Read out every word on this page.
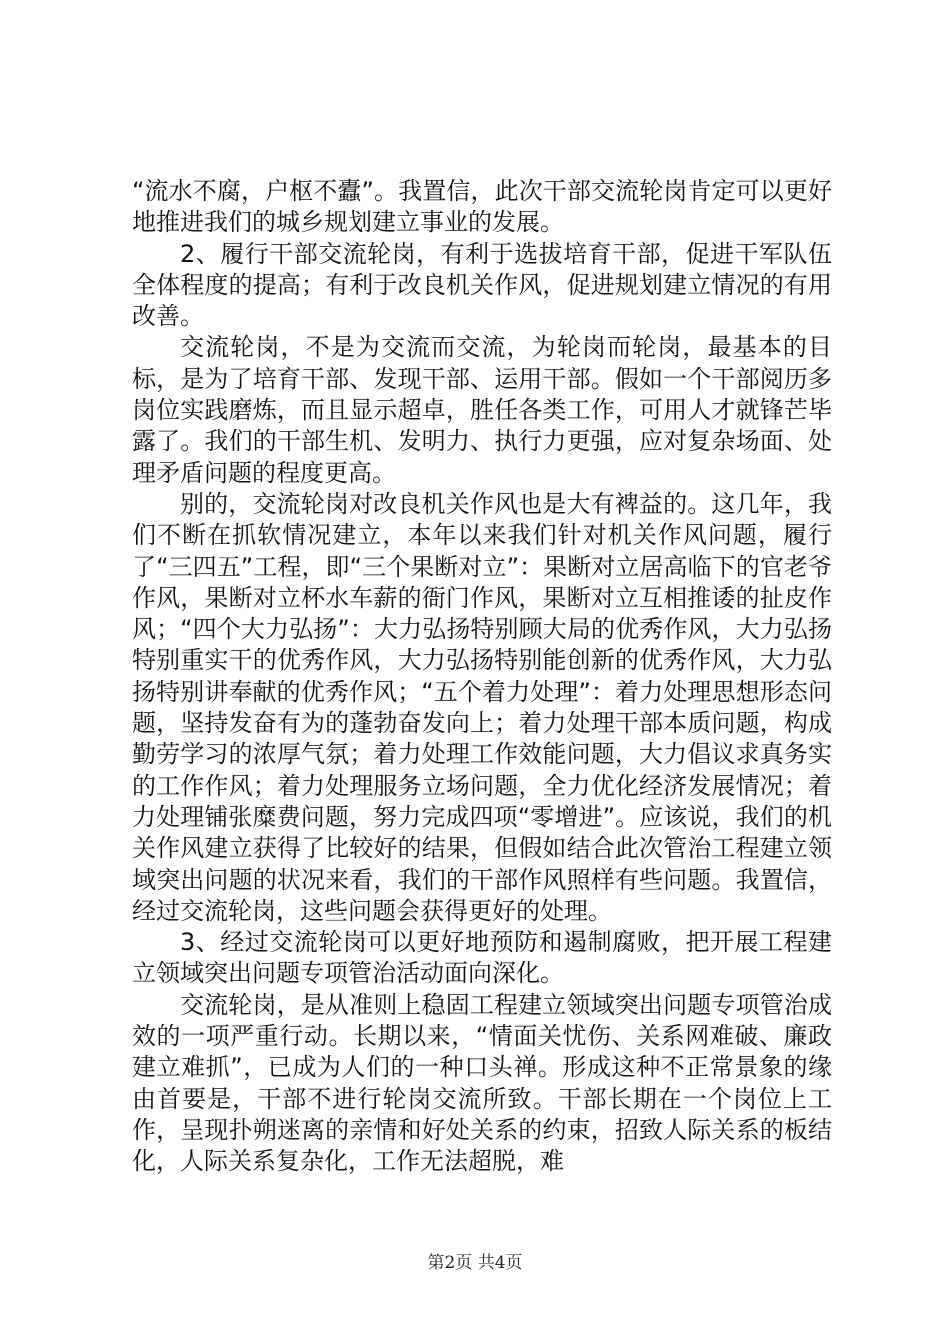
“流水不腐，户枢不蠹”。我置信，此次干部交流轮岗肯定可以更好地推进我们的城乡规划建立事业的发展。

2、履行干部交流轮岗，有利于选拔培育干部，促进干军队伍全体程度的提高；有利于改良机关作风，促进规划建立情况的有用改善。

交流轮岗，不是为交流而交流，为轮岗而轮岗，最基本的目标，是为了培育干部、发现干部、运用干部。假如一个干部阅历多岗位实践磨炼，而且显示超卓，胜任各类工作，可用人才就锋芒毕露了。我们的干部生机、发明力、执行力更强，应对复杂场面、处理矛盾问题的程度更高。

别的，交流轮岗对改良机关作风也是大有裨益的。这几年，我们不断在抓软情况建立，本年以来我们针对机关作风问题，履行了“三四五”工程，即“三个果断对立”：果断对立居高临下的官老爷作风，果断对立杯水车薪的衙门作风，果断对立互相推诿的扯皮作风；“四个大力弘扬”：大力弘扬特别顾大局的优秀作风，大力弘扬特别重实干的优秀作风，大力弘扬特别能创新的优秀作风，大力弘扬特别讲奉献的优秀作风；“五个着力处理”：着力处理思想形态问题，坚持发奋有为的蓬勃奋发向上；着力处理干部本质问题，构成勤劳学习的浓厚气氛；着力处理工作效能问题，大力倡议求真务实的工作作风；着力处理服务立场问题，全力优化经济发展情况；着力处理铺张糜费问题，努力完成四项“零增进”。应该说，我们的机关作风建立获得了比较好的结果，但假如结合此次管治工程建立领域突出问题的状况来看，我们的干部作风照样有些问题。我置信，经过交流轮岗，这些问题会获得更好的处理。

3、经过交流轮岗可以更好地预防和遏制腐败，把开展工程建立领域突出问题专项管治活动面向深化。

交流轮岗，是从准则上稳固工程建立领域突出问题专项管治成效的一项严重行动。长期以来，“情面关忧伤、关系网难破、廉政建立难抓”，已成为人们的一种口头禅。形成这种不正常景象的缘由首要是，干部不进行轮岗交流所致。干部长期在一个岗位上工作，呈现扑朔迷离的亲情和好处关系的约束，招致人际关系的板结化，人际关系复杂化，工作无法超脱，难

第2页 共4页
